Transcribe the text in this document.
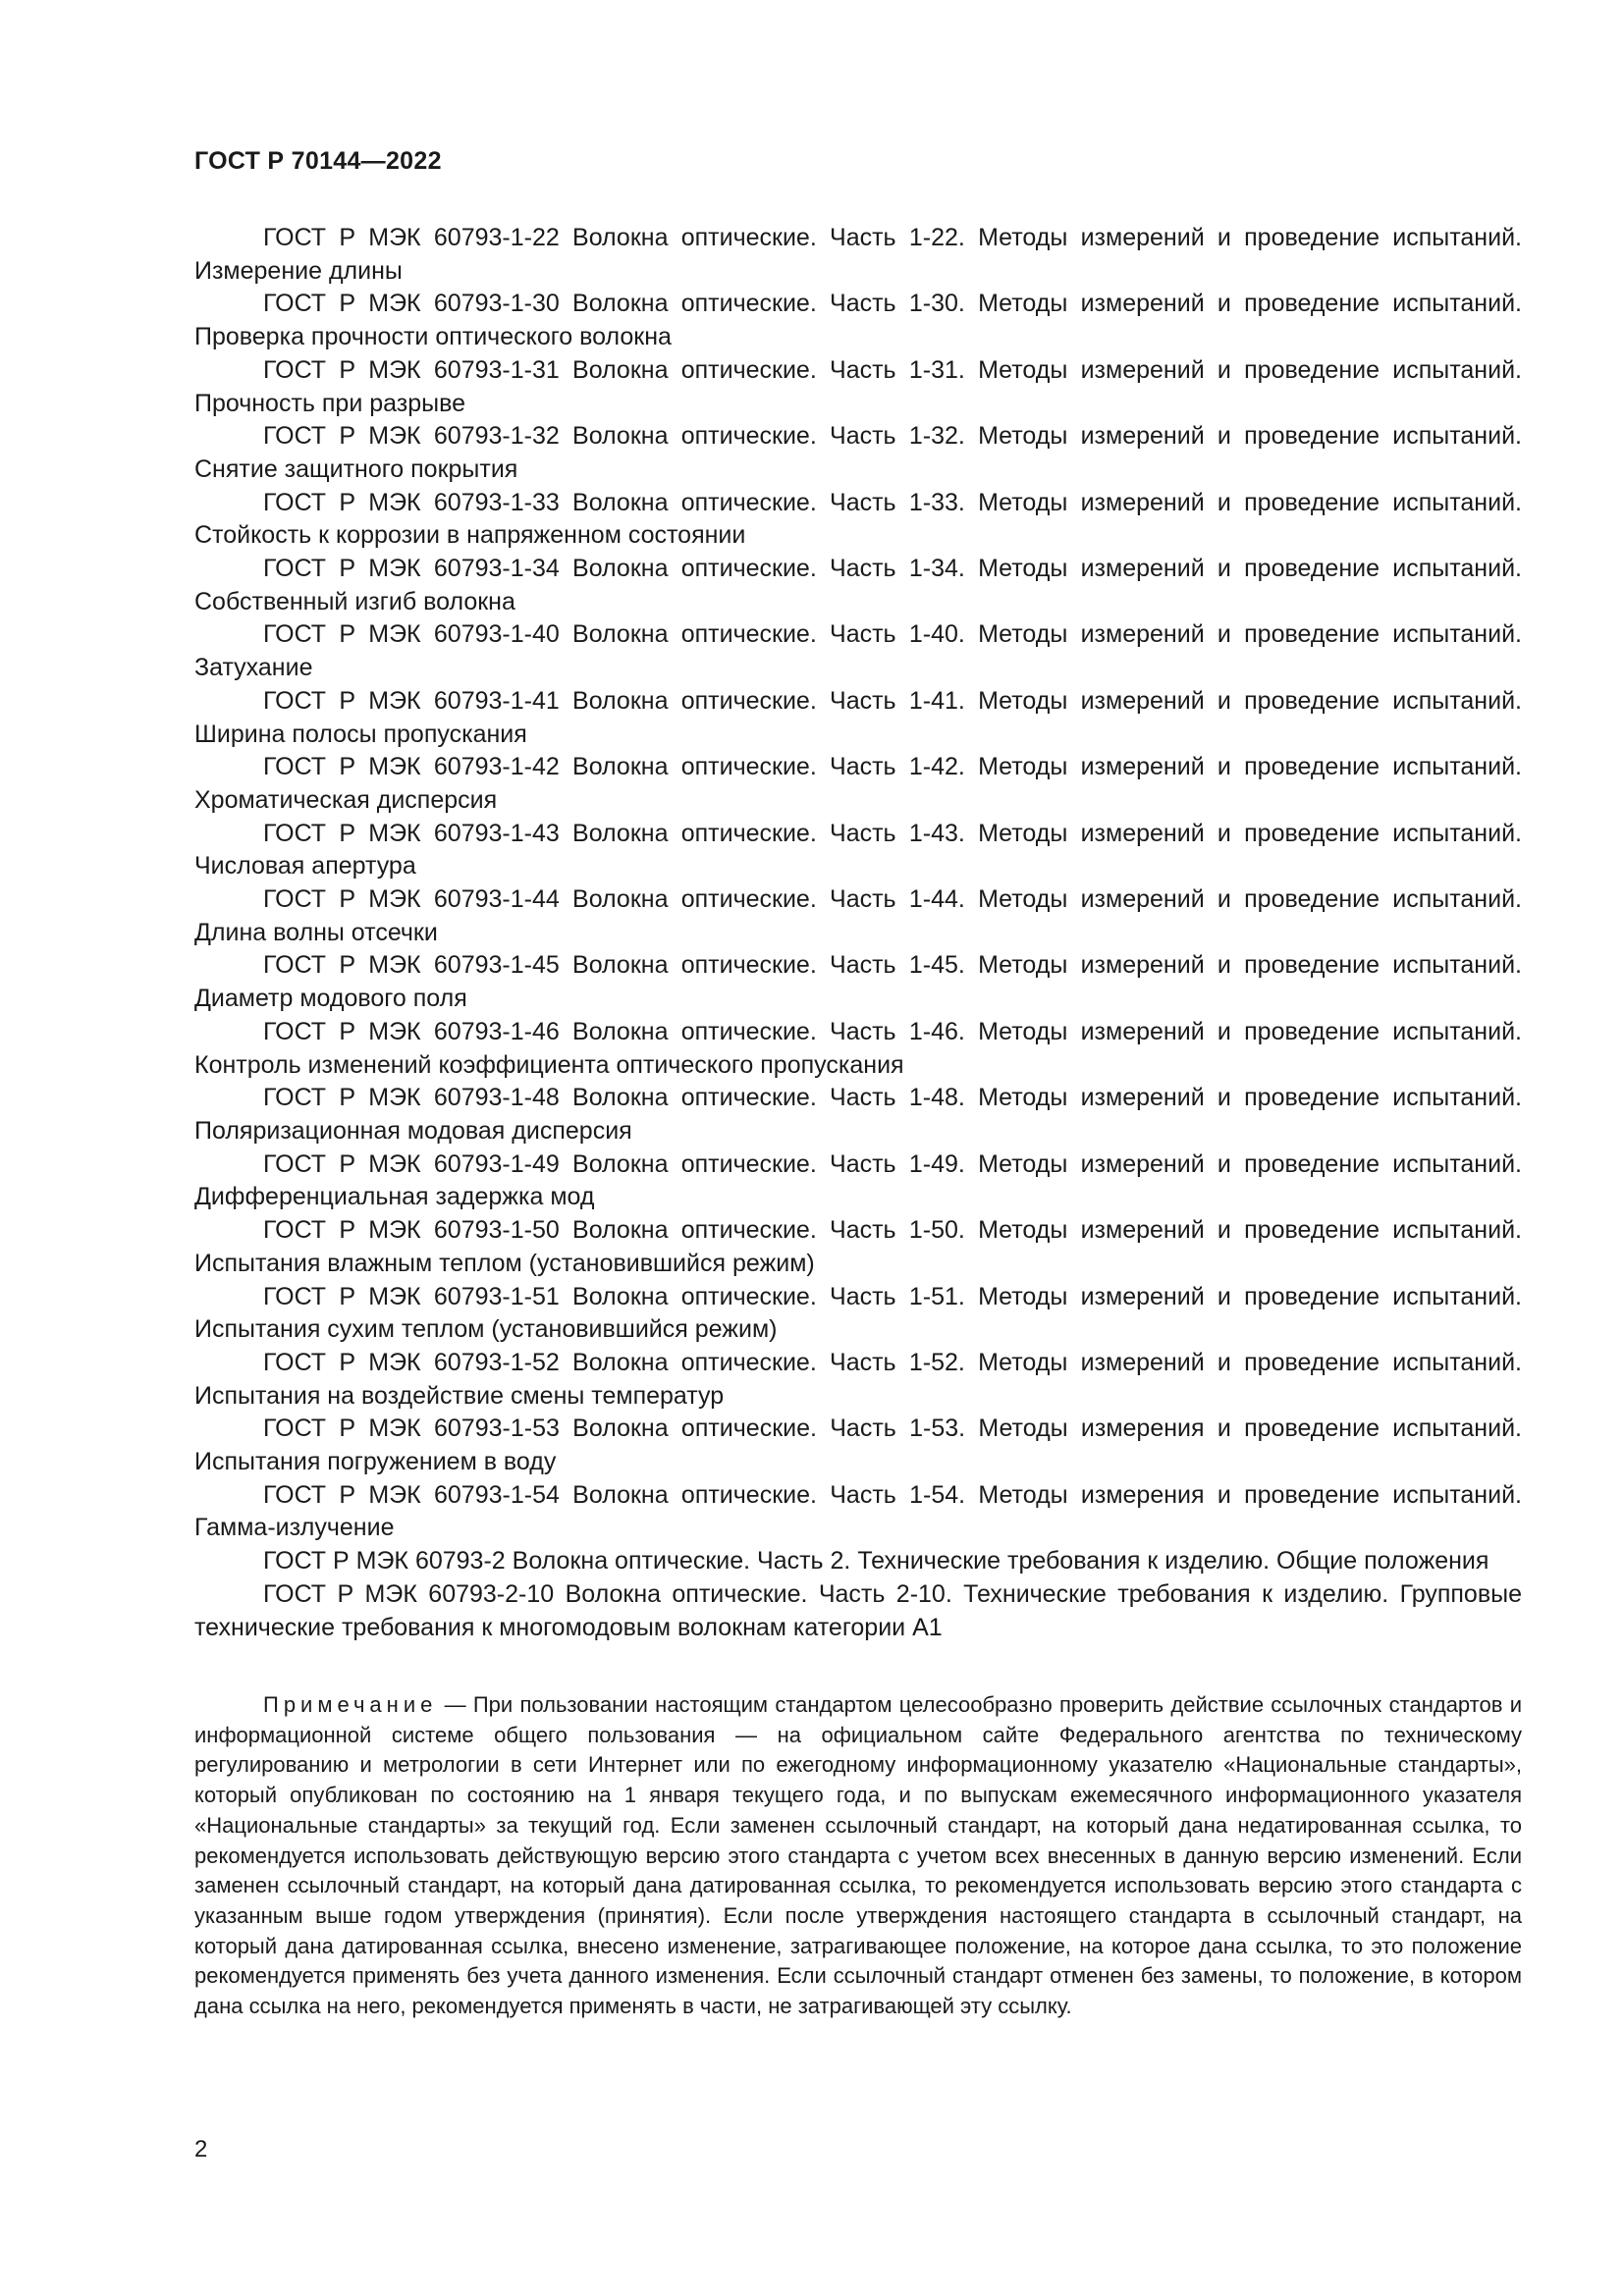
ГОСТ Р 70144—2022

ГОСТ Р МЭК 60793-1-22 Волокна оптические. Часть 1-22. Методы измерений и проведение испытаний. Измерение длины

ГОСТ Р МЭК 60793-1-30 Волокна оптические. Часть 1-30. Методы измерений и проведение испытаний. Проверка прочности оптического волокна

ГОСТ Р МЭК 60793-1-31 Волокна оптические. Часть 1-31. Методы измерений и проведение испытаний. Прочность при разрыве

ГОСТ Р МЭК 60793-1-32 Волокна оптические. Часть 1-32. Методы измерений и проведение испытаний. Снятие защитного покрытия

ГОСТ Р МЭК 60793-1-33 Волокна оптические. Часть 1-33. Методы измерений и проведение испытаний. Стойкость к коррозии в напряженном состоянии

ГОСТ Р МЭК 60793-1-34 Волокна оптические. Часть 1-34. Методы измерений и проведение испытаний. Собственный изгиб волокна

ГОСТ Р МЭК 60793-1-40 Волокна оптические. Часть 1-40. Методы измерений и проведение испытаний. Затухание

ГОСТ Р МЭК 60793-1-41 Волокна оптические. Часть 1-41. Методы измерений и проведение испытаний. Ширина полосы пропускания

ГОСТ Р МЭК 60793-1-42 Волокна оптические. Часть 1-42. Методы измерений и проведение испытаний. Хроматическая дисперсия

ГОСТ Р МЭК 60793-1-43 Волокна оптические. Часть 1-43. Методы измерений и проведение испытаний. Числовая апертура

ГОСТ Р МЭК 60793-1-44 Волокна оптические. Часть 1-44. Методы измерений и проведение испытаний. Длина волны отсечки

ГОСТ Р МЭК 60793-1-45 Волокна оптические. Часть 1-45. Методы измерений и проведение испытаний. Диаметр модового поля

ГОСТ Р МЭК 60793-1-46 Волокна оптические. Часть 1-46. Методы измерений и проведение испытаний. Контроль изменений коэффициента оптического пропускания

ГОСТ Р МЭК 60793-1-48 Волокна оптические. Часть 1-48. Методы измерений и проведение испытаний. Поляризационная модовая дисперсия

ГОСТ Р МЭК 60793-1-49 Волокна оптические. Часть 1-49. Методы измерений и проведение испытаний. Дифференциальная задержка мод

ГОСТ Р МЭК 60793-1-50 Волокна оптические. Часть 1-50. Методы измерений и проведение испытаний. Испытания влажным теплом (установившийся режим)

ГОСТ Р МЭК 60793-1-51 Волокна оптические. Часть 1-51. Методы измерений и проведение испытаний. Испытания сухим теплом (установившийся режим)

ГОСТ Р МЭК 60793-1-52 Волокна оптические. Часть 1-52. Методы измерений и проведение испытаний. Испытания на воздействие смены температур

ГОСТ Р МЭК 60793-1-53 Волокна оптические. Часть 1-53. Методы измерения и проведение испытаний. Испытания погружением в воду

ГОСТ Р МЭК 60793-1-54 Волокна оптические. Часть 1-54. Методы измерения и проведение испытаний. Гамма-излучение

ГОСТ Р МЭК 60793-2 Волокна оптические. Часть 2. Технические требования к изделию. Общие положения

ГОСТ Р МЭК 60793-2-10 Волокна оптические. Часть 2-10. Технические требования к изделию. Групповые технические требования к многомодовым волокнам категории А1

Примечание — При пользовании настоящим стандартом целесообразно проверить действие ссылочных стандартов и информационной системе общего пользования — на официальном сайте Федерального агентства по техническому регулированию и метрологии в сети Интернет или по ежегодному информационному указателю «Национальные стандарты», который опубликован по состоянию на 1 января текущего года, и по выпускам ежемесячного информационного указателя «Национальные стандарты» за текущий год. Если заменен ссылочный стандарт, на который дана недатированная ссылка, то рекомендуется использовать действующую версию этого стандарта с учетом всех внесенных в данную версию изменений. Если заменен ссылочный стандарт, на который дана датированная ссылка, то рекомендуется использовать версию этого стандарта с указанным выше годом утверждения (принятия). Если после утверждения настоящего стандарта в ссылочный стандарт, на который дана датированная ссылка, внесено изменение, затрагивающее положение, на которое дана ссылка, то это положение рекомендуется применять без учета данного изменения. Если ссылочный стандарт отменен без замены, то положение, в котором дана ссылка на него, рекомендуется применять в части, не затрагивающей эту ссылку.

2
